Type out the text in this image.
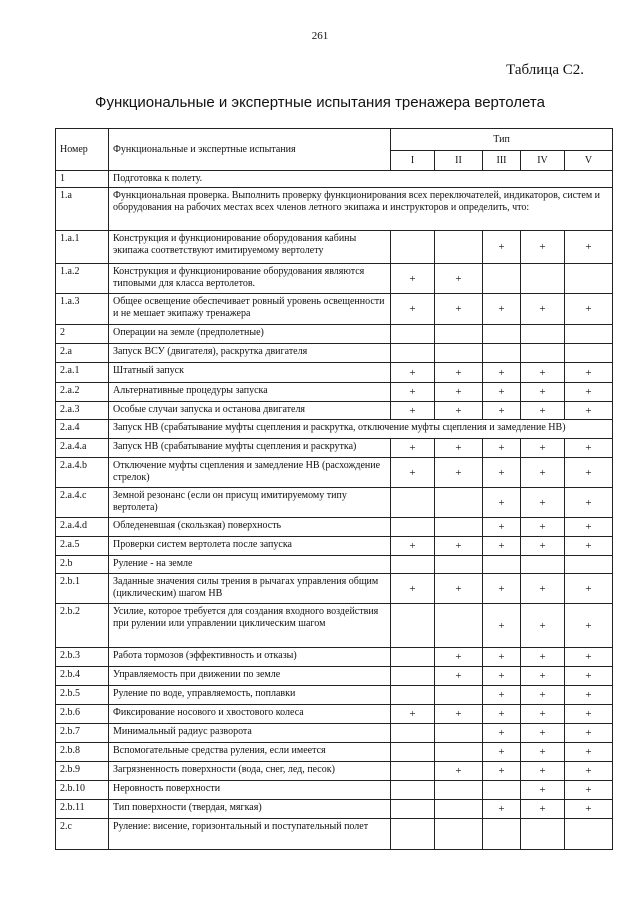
261
Таблица С2.
Функциональные и экспертные испытания тренажера вертолета
Номер	Функциональные и экспертные испытания	Тип				
		I	II	III	IV	V
1	Подготовка к полету.					
1.a	Функциональная проверка. Выполнить проверку функционирования всех переключателей, индикаторов, систем и оборудования на рабочих местах всех членов летного экипажа и инструкторов и определить, что:					
1.a.1	Конструкция и функционирование оборудования кабины экипажа соответствуют имитируемому вертолету			+	+	+
1.a.2	Конструкция и функционирование оборудования являются типовыми для класса вертолетов.	+	+			
1.a.3	Общее освещение обеспечивает ровный уровень освещенности и не мешает экипажу тренажера	+	+	+	+	+
2	Операции на земле (предполетные)					
2.a	Запуск ВСУ (двигателя), раскрутка двигателя					
2.a.1	Штатный запуск	+	+	+	+	+
2.a.2	Альтернативные процедуры запуска	+	+	+	+	+
2.a.3	Особые случаи запуска и останова двигателя	+	+	+	+	+
2.a.4	Запуск НВ (срабатывание муфты сцепления и раскрутка, отключение муфты сцепления и замедление НВ)					
2.a.4.a	Запуск НВ (срабатывание муфты сцепления и раскрутка)	+	+	+	+	+
2.a.4.b	Отключение муфты сцепления и замедление НВ (расхождение стрелок)	+	+	+	+	+
2.a.4.c	Земной резонанс (если он присущ имитируемому типу вертолета)			+	+	+
2.a.4.d	Обледеневшая (скользкая) поверхность			+	+	+
2.a.5	Проверки систем вертолета после запуска	+	+	+	+	+
2.b	Руление - на земле					
2.b.1	Заданные значения силы трения в рычагах управления общим (циклическим) шагом НВ	+	+	+	+	+
2.b.2	Усилие, которое требуется для создания входного воздействия при рулении или управлении циклическим шагом			+	+	+
2.b.3	Работа тормозов (эффективность и отказы)		+	+	+	+
2.b.4	Управляемость при движении по земле		+	+	+	+
2.b.5	Руление по воде, управляемость, поплавки			+	+	+
2.b.6	Фиксирование носового и хвостового колеса	+	+	+	+	+
2.b.7	Минимальный радиус разворота			+	+	+
2.b.8	Вспомогательные средства руления, если имеется			+	+	+
2.b.9	Загрязненность поверхности (вода, снег, лед, песок)		+	+	+	+
2.b.10	Неровность поверхности				+	+
2.b.11	Тип поверхности (твердая, мягкая)			+	+	+
2.c	Руление: висение, горизонтальный и поступательный полет					
